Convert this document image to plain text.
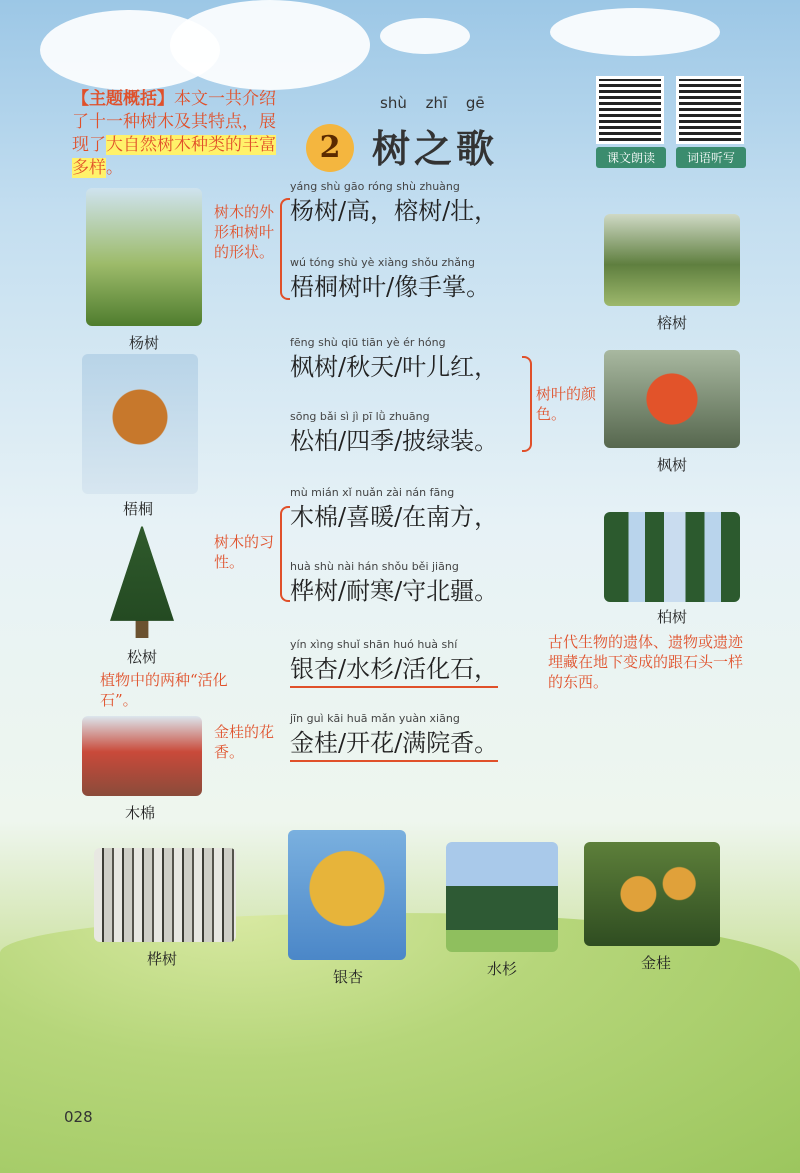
【主题概括】本文一共介绍了十一种树木及其特点，展现了大自然树木种类的丰富多样。	课文朗读	词语听写
shù zhī gē
2 树之歌
yáng shù gāo róng shù zhuàng
杨树/高，榕树/壮，
wú tóng shù yè xiàng shǒu zhǎng
梧桐树叶/像手掌。
fēng shù qiū tiān yè ér hóng
枫树/秋天/叶儿红，
sōng bǎi sì jì pī lǜ zhuāng
松柏/四季/披绿装。
mù mián xǐ nuǎn zài nán fāng
木棉/喜暖/在南方，
huà shù nài hán shǒu běi jiāng
桦树/耐寒/守北疆。
yín xìng shuǐ shān huó huà shí
银杏/水杉/活化石，
jīn guì kāi huā mǎn yuàn xiāng
金桂/开花/满院香。
树木的外形和树叶的形状。
树叶的颜色。
树木的习性。
植物中的两种“活化石”。
古代生物的遗体、遗物或遗迹埋藏在地下变成的跟石头一样的东西。
金桂的花香。
杨树
梧桐
松树
木棉
榕树
枫树
柏树
桦树
银杏	水杉	金桂
028
